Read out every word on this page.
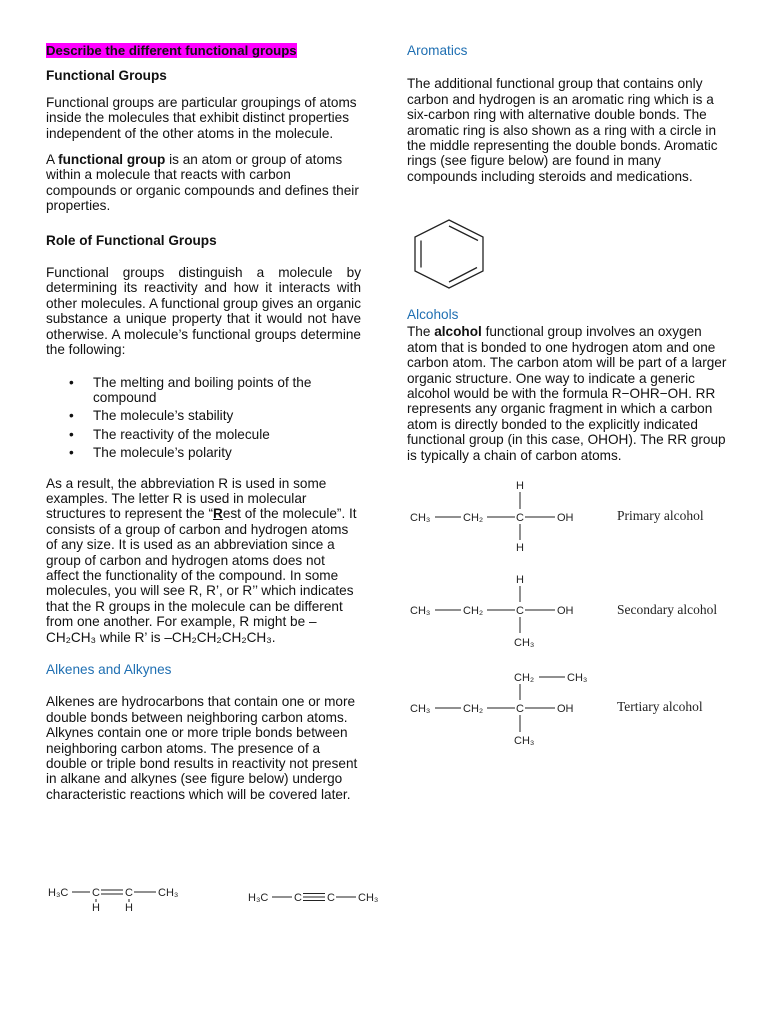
Describe the different functional groups

Functional Groups

Functional groups are particular groupings of atoms inside the molecules that exhibit distinct properties independent of the other atoms in the molecule.

A functional group is an atom or group of atoms within a molecule that reacts with carbon compounds or organic compounds and defines their properties.

Role of Functional Groups

Functional groups distinguish a molecule by determining its reactivity and how it interacts with other molecules. A functional group gives an organic substance a unique property that it would not have otherwise. A molecule’s functional groups determine the following:

• The melting and boiling points of the compound
• The molecule’s stability
• The reactivity of the molecule
• The molecule’s polarity

As a result, the abbreviation R is used in some examples. The letter R is used in molecular structures to represent the “Rest of the molecule”. It consists of a group of carbon and hydrogen atoms of any size. It is used as an abbreviation since a group of carbon and hydrogen atoms does not affect the functionality of the compound. In some molecules, you will see R, R’, or R’’ which indicates that the R groups in the molecule can be different from one another. For example, R might be –CH₂CH₃ while R’ is –CH₂CH₂CH₂CH₃.

Alkenes and Alkynes

Alkenes are hydrocarbons that contain one or more double bonds between neighboring carbon atoms. Alkynes contain one or more triple bonds between neighboring carbon atoms. The presence of a double or triple bond results in reactivity not present in alkane and alkynes (see figure below) undergo characteristic reactions which will be covered later.

H₃C C C CH₃
H H
H₃C C C CH₃

Aromatics

The additional functional group that contains only carbon and hydrogen is an aromatic ring which is a six-carbon ring with alternative double bonds. The aromatic ring is also shown as a ring with a circle in the middle representing the double bonds. Aromatic rings (see figure below) are found in many compounds including steroids and medications.

Alcohols

The alcohol functional group involves an oxygen atom that is bonded to one hydrogen atom and one carbon atom. The carbon atom will be part of a larger organic structure. One way to indicate a generic alcohol would be with the formula R−OHR−OH. RR represents any organic fragment in which a carbon atom is directly bonded to the explicitly indicated functional group (in this case, OHOH). The RR group is typically a chain of carbon atoms.

CH₃	CH₂	C	OH
H
H
Primary alcohol
CH₃	CH₂	C	OH
H
CH₃
Secondary alcohol
CH₂	CH₃
CH₃	CH₂	C	OH
CH₃
Tertiary alcohol
